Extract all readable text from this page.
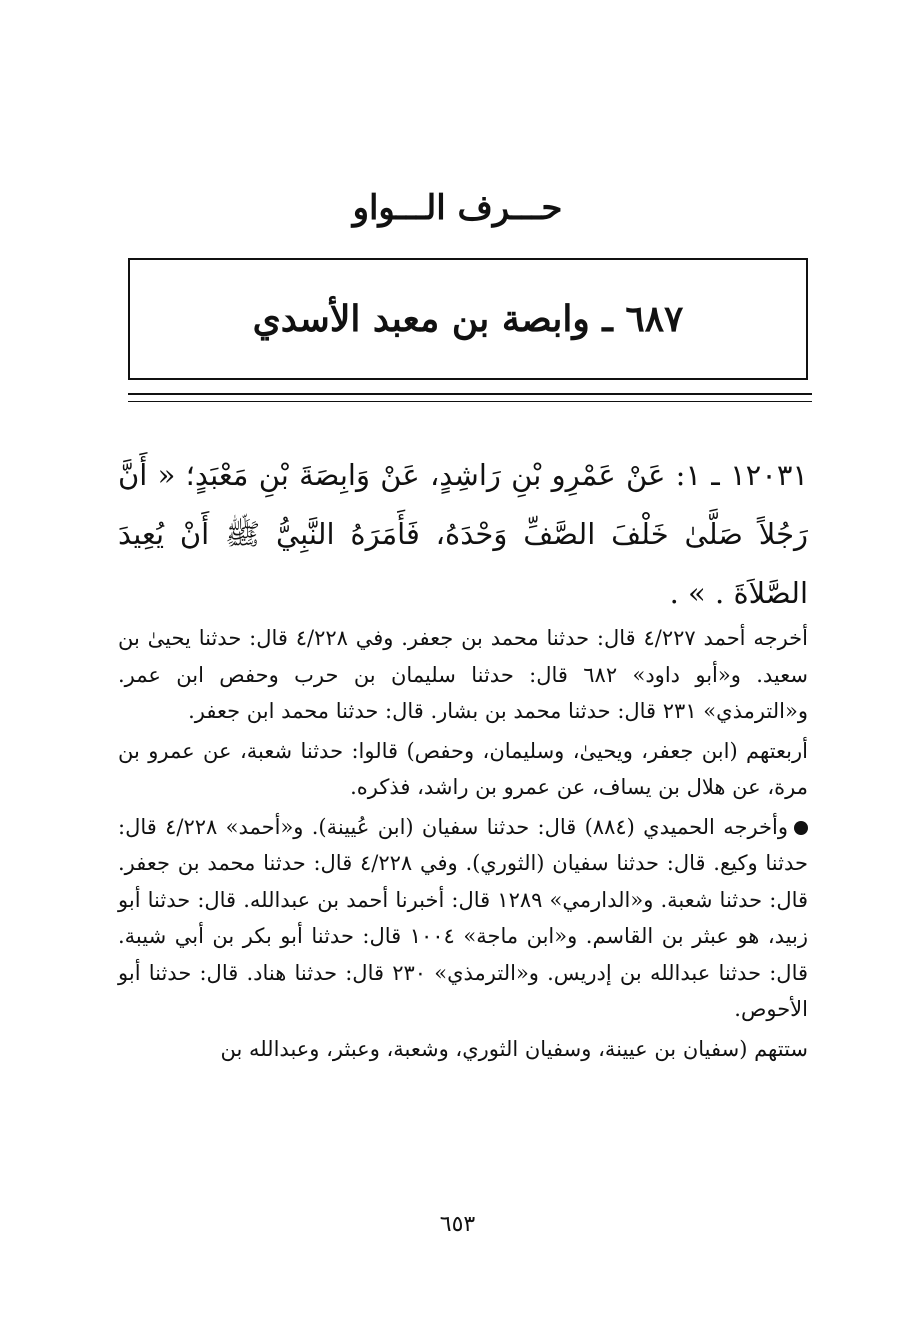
حـــرف الـــواو
٦٨٧ ـ وابصة بن معبد الأسدي
١٢٠٣١ ـ ١: عَنْ عَمْرِو بْنِ رَاشِدٍ، عَنْ وَابِصَةَ بْنِ مَعْبَدٍ؛ « أَنَّ رَجُلاً صَلَّىٰ خَلْفَ الصَّفِّ وَحْدَهُ، فَأَمَرَهُ النَّبِيُّ ﷺ أَنْ يُعِيدَ الصَّلاَةَ . » .

أخرجه أحمد ٤/٢٢٧ قال: حدثنا محمد بن جعفر. وفي ٤/٢٢٨ قال: حدثنا يحيىٰ بن سعيد. و«أبو داود» ٦٨٢ قال: حدثنا سليمان بن حرب وحفص ابن عمر. و«الترمذي» ٢٣١ قال: حدثنا محمد بن بشار. قال: حدثنا محمد ابن جعفر.

أربعتهم (ابن جعفر، ويحيىٰ، وسليمان، وحفص) قالوا: حدثنا شعبة، عن عمرو بن مرة، عن هلال بن يساف، عن عمرو بن راشد، فذكره.

وأخرجه الحميدي (٨٨٤) قال: حدثنا سفيان (ابن عُيينة). و«أحمد» ٤/٢٢٨ قال: حدثنا وكيع. قال: حدثنا سفيان (الثوري). وفي ٤/٢٢٨ قال: حدثنا محمد بن جعفر. قال: حدثنا شعبة. و«الدارمي» ١٢٨٩ قال: أخبرنا أحمد بن عبدالله. قال: حدثنا أبو زبيد، هو عبثر بن القاسم. و«ابن ماجة» ١٠٠٤ قال: حدثنا أبو بكر بن أبي شيبة. قال: حدثنا عبدالله بن إدريس. و«الترمذي» ٢٣٠ قال: حدثنا هناد. قال: حدثنا أبو الأحوص.

ستتهم (سفيان بن عيينة، وسفيان الثوري، وشعبة، وعبثر، وعبدالله بن

٦٥٣
